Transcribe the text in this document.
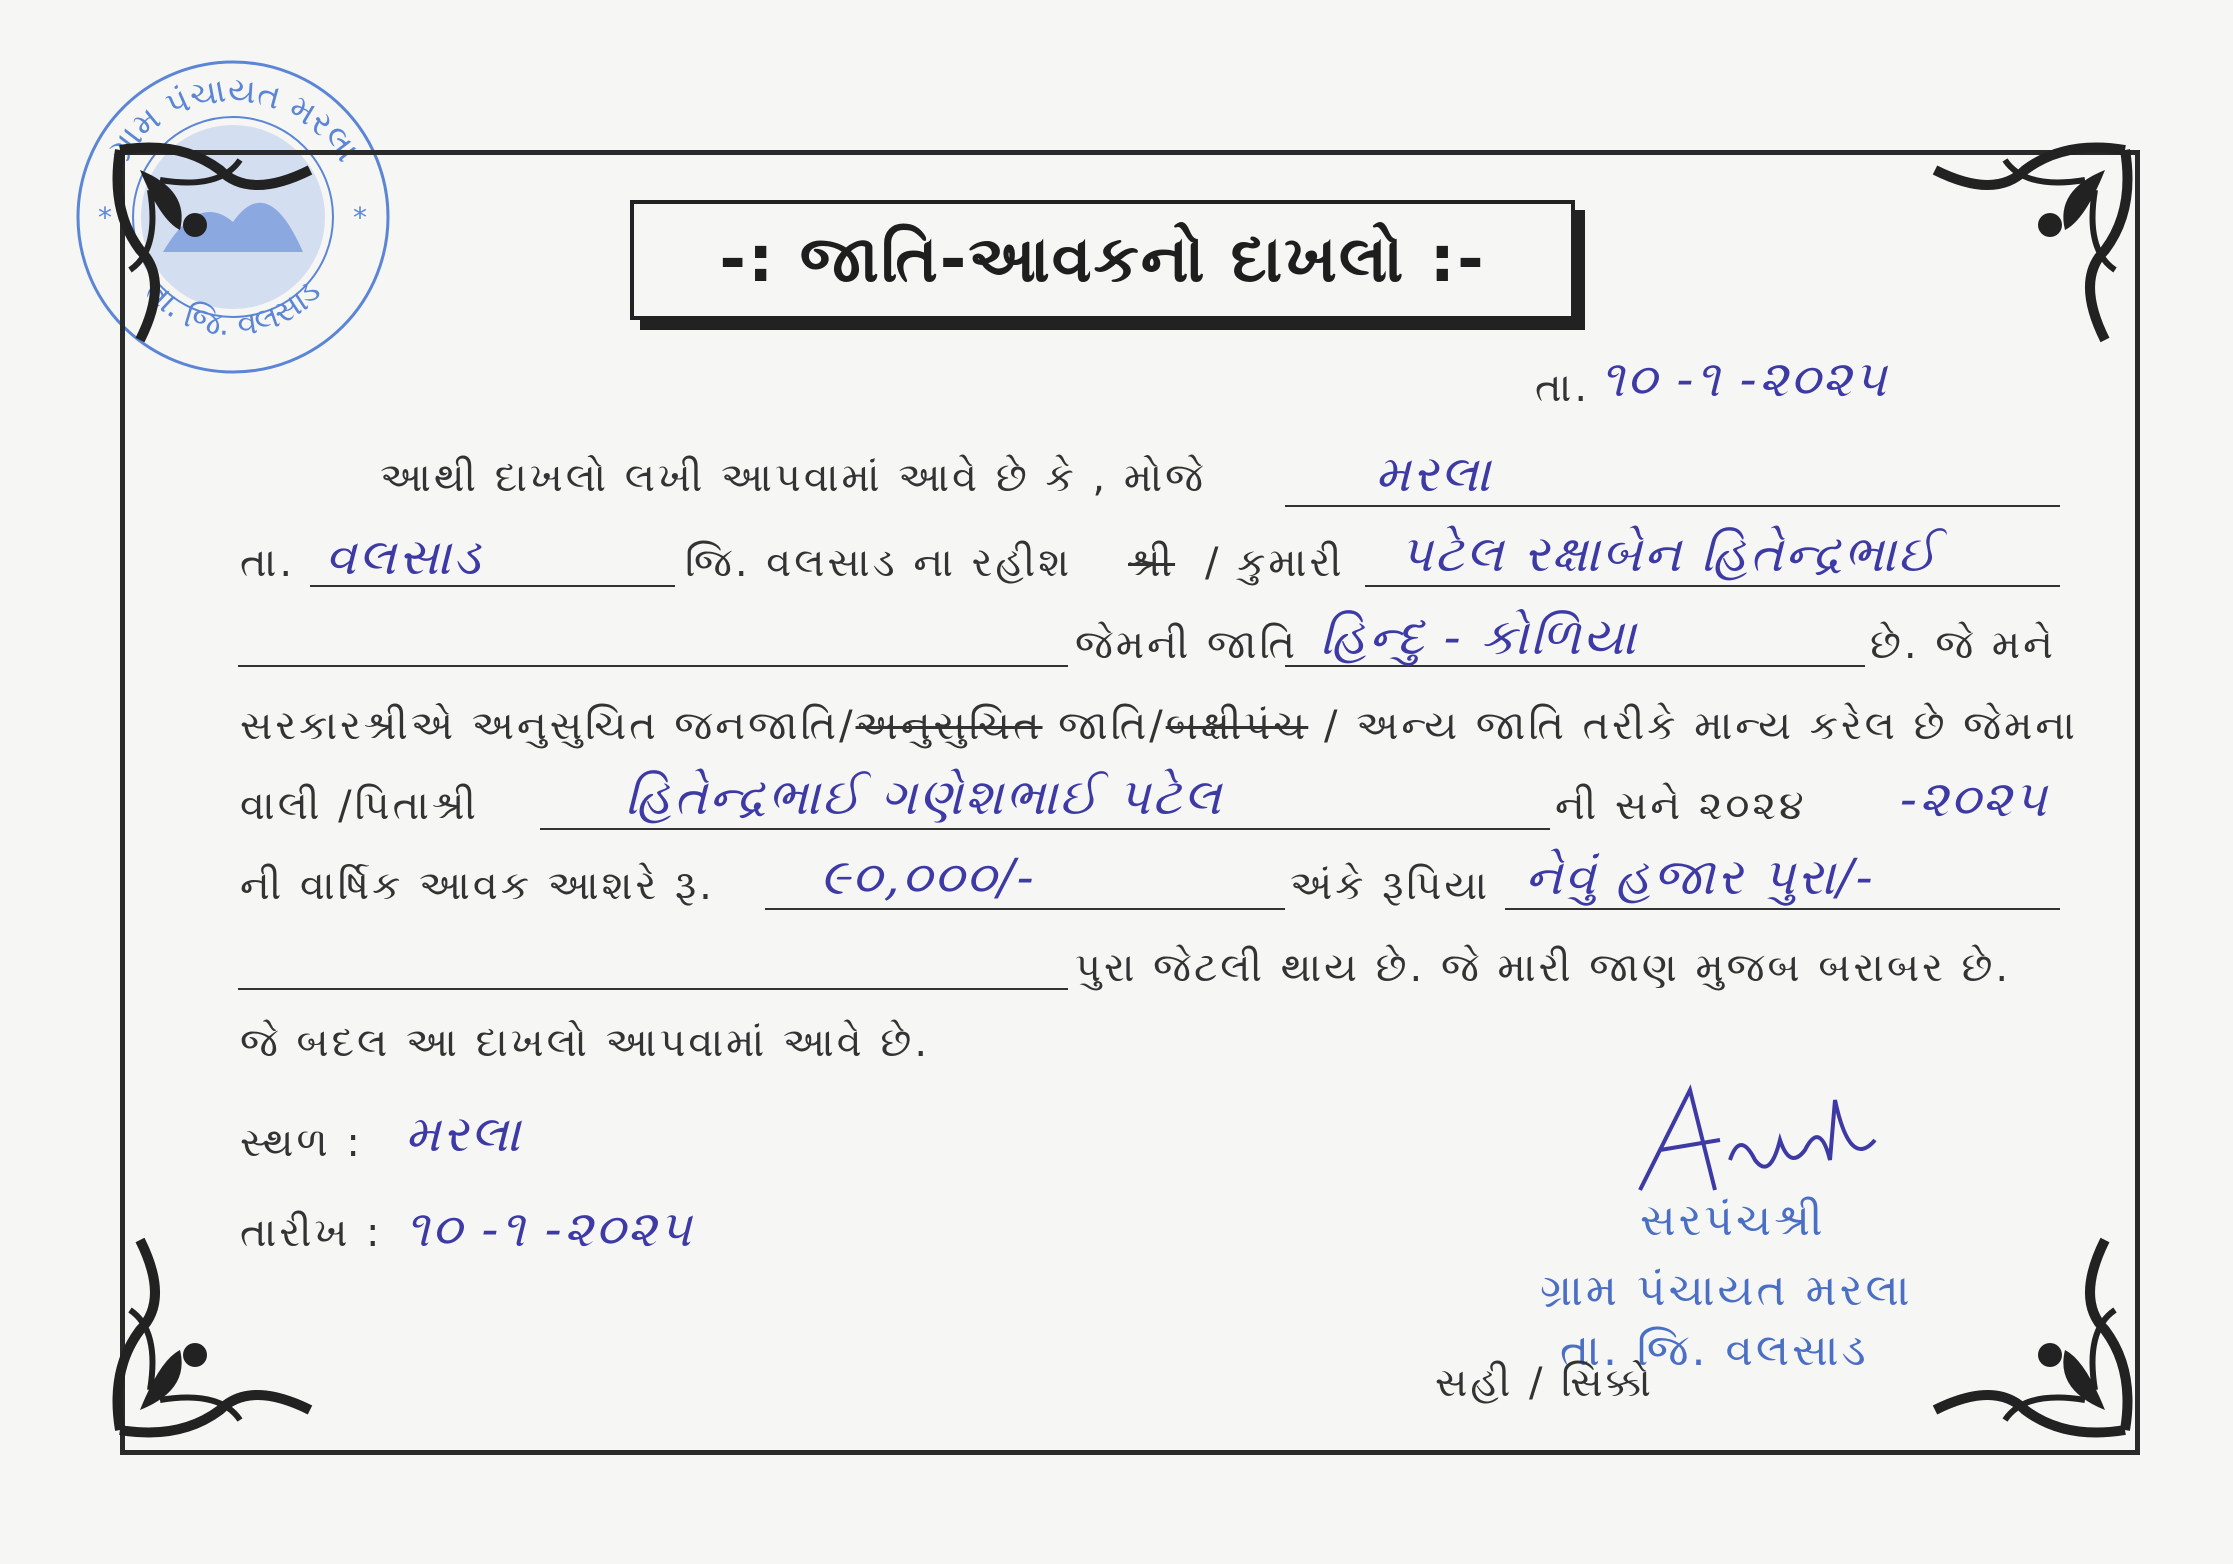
ગ્રામ પંચાયત મરલા
તા. જિ. વલસાડ
*	*
-: જાતિ-આવકનો દાખલો :-
તા. ૧૦ -૧ -૨૦૨૫
આથી દાખલો લખી આપવામાં આવે છે કે , મોજે	મરલા
તા. વલસાડ	જિ. વલસાડ ના રહીશ શ્રી / કુમારી પટેલ રક્ષાબેન હિતેન્દ્રભાઈ
જેમની જાતિ હિન્દુ - કોળિયા	છે. જે મને
સરકારશ્રીએ અનુસુચિત જનજાતિ/અનુસુચિત જાતિ/બક્ષીપંચ / અન્ય જાતિ તરીકે માન્ય કરેલ છે જેમના
વાલી /પિતાશ્રી	હિતેન્દ્રભાઈ ગણેશભાઈ પટેલ	ની સને ૨૦૨૪ -૨૦૨૫
ની વાર્ષિક આવક આશરે રૂ. ૯૦,૦૦૦/-	અંકે રૂપિયા નેવું હજાર પુરા/-
પુરા જેટલી થાય છે. જે મારી જાણ મુજબ બરાબર છે.
જે બદલ આ દાખલો આપવામાં આવે છે.
સ્થળ : મરલા
તારીખ : ૧૦ -૧ -૨૦૨૫	સરપંચશ્રી
ગ્રામ પંચાયત મરલા
તા. જિ. વલસાડ
સહી / સિક્કો
